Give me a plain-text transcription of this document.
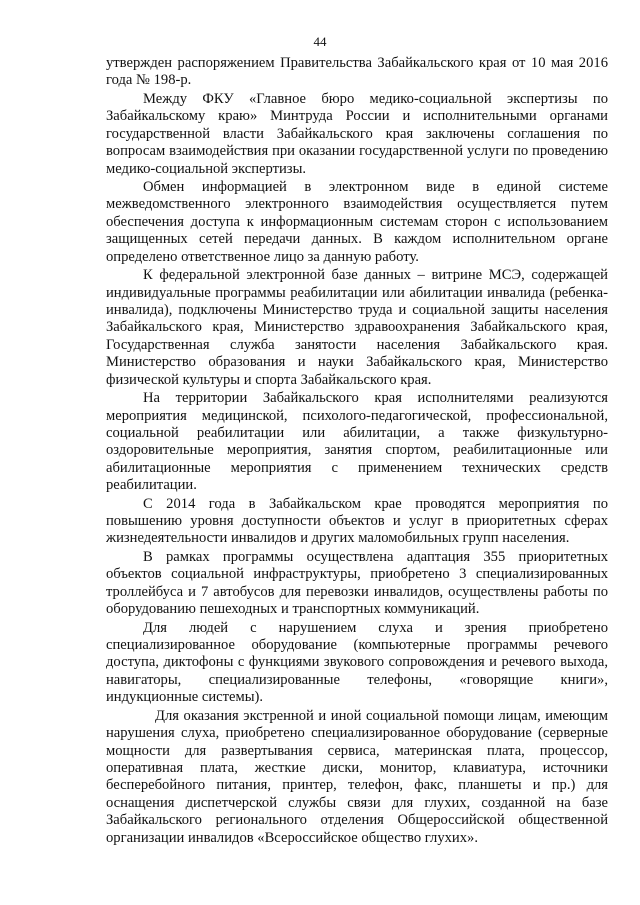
44

утвержден распоряжением Правительства Забайкальского края от 10 мая 2016 года № 198-р.

Между ФКУ «Главное бюро медико-социальной экспертизы по Забайкальскому краю» Минтруда России и исполнительными органами государственной власти Забайкальского края заключены соглашения по вопросам взаимодействия при оказании государственной услуги по проведению медико-социальной экспертизы.

Обмен информацией в электронном виде в единой системе межведомственного электронного взаимодействия осуществляется путем обеспечения доступа к информационным системам сторон с использованием защищенных сетей передачи данных. В каждом исполнительном органе определено ответственное лицо за данную работу.

К федеральной электронной базе данных – витрине МСЭ, содержащей индивидуальные программы реабилитации или абилитации инвалида (ребенка-инвалида), подключены Министерство труда и социальной защиты населения Забайкальского края, Министерство здравоохранения Забайкальского края, Государственная служба занятости населения Забайкальского края. Министерство образования и науки Забайкальского края, Министерство физической культуры и спорта Забайкальского края.

На территории Забайкальского края исполнителями реализуются мероприятия медицинской, психолого-педагогической, профессиональной, социальной реабилитации или абилитации, а также физкультурно-оздоровительные мероприятия, занятия спортом, реабилитационные или абилитационные мероприятия с применением технических средств реабилитации.

С 2014 года в Забайкальском крае проводятся мероприятия по повышению уровня доступности объектов и услуг в приоритетных сферах жизнедеятельности инвалидов и других маломобильных групп населения.

В рамках программы осуществлена адаптация 355 приоритетных объектов социальной инфраструктуры, приобретено 3 специализированных троллейбуса и 7 автобусов для перевозки инвалидов, осуществлены работы по оборудованию пешеходных и транспортных коммуникаций.

Для людей с нарушением слуха и зрения приобретено специализированное оборудование (компьютерные программы речевого доступа, диктофоны с функциями звукового сопровождения и речевого выхода, навигаторы, специализированные телефоны, «говорящие книги», индукционные системы).

Для оказания экстренной и иной социальной помощи лицам, имеющим нарушения слуха, приобретено специализированное оборудование (серверные мощности для развертывания сервиса, материнская плата, процессор, оперативная плата, жесткие диски, монитор, клавиатура, источники бесперебойного питания, принтер, телефон, факс, планшеты и пр.) для оснащения диспетчерской службы связи для глухих, созданной на базе Забайкальского регионального отделения Общероссийской общественной организации инвалидов «Всероссийское общество глухих».
